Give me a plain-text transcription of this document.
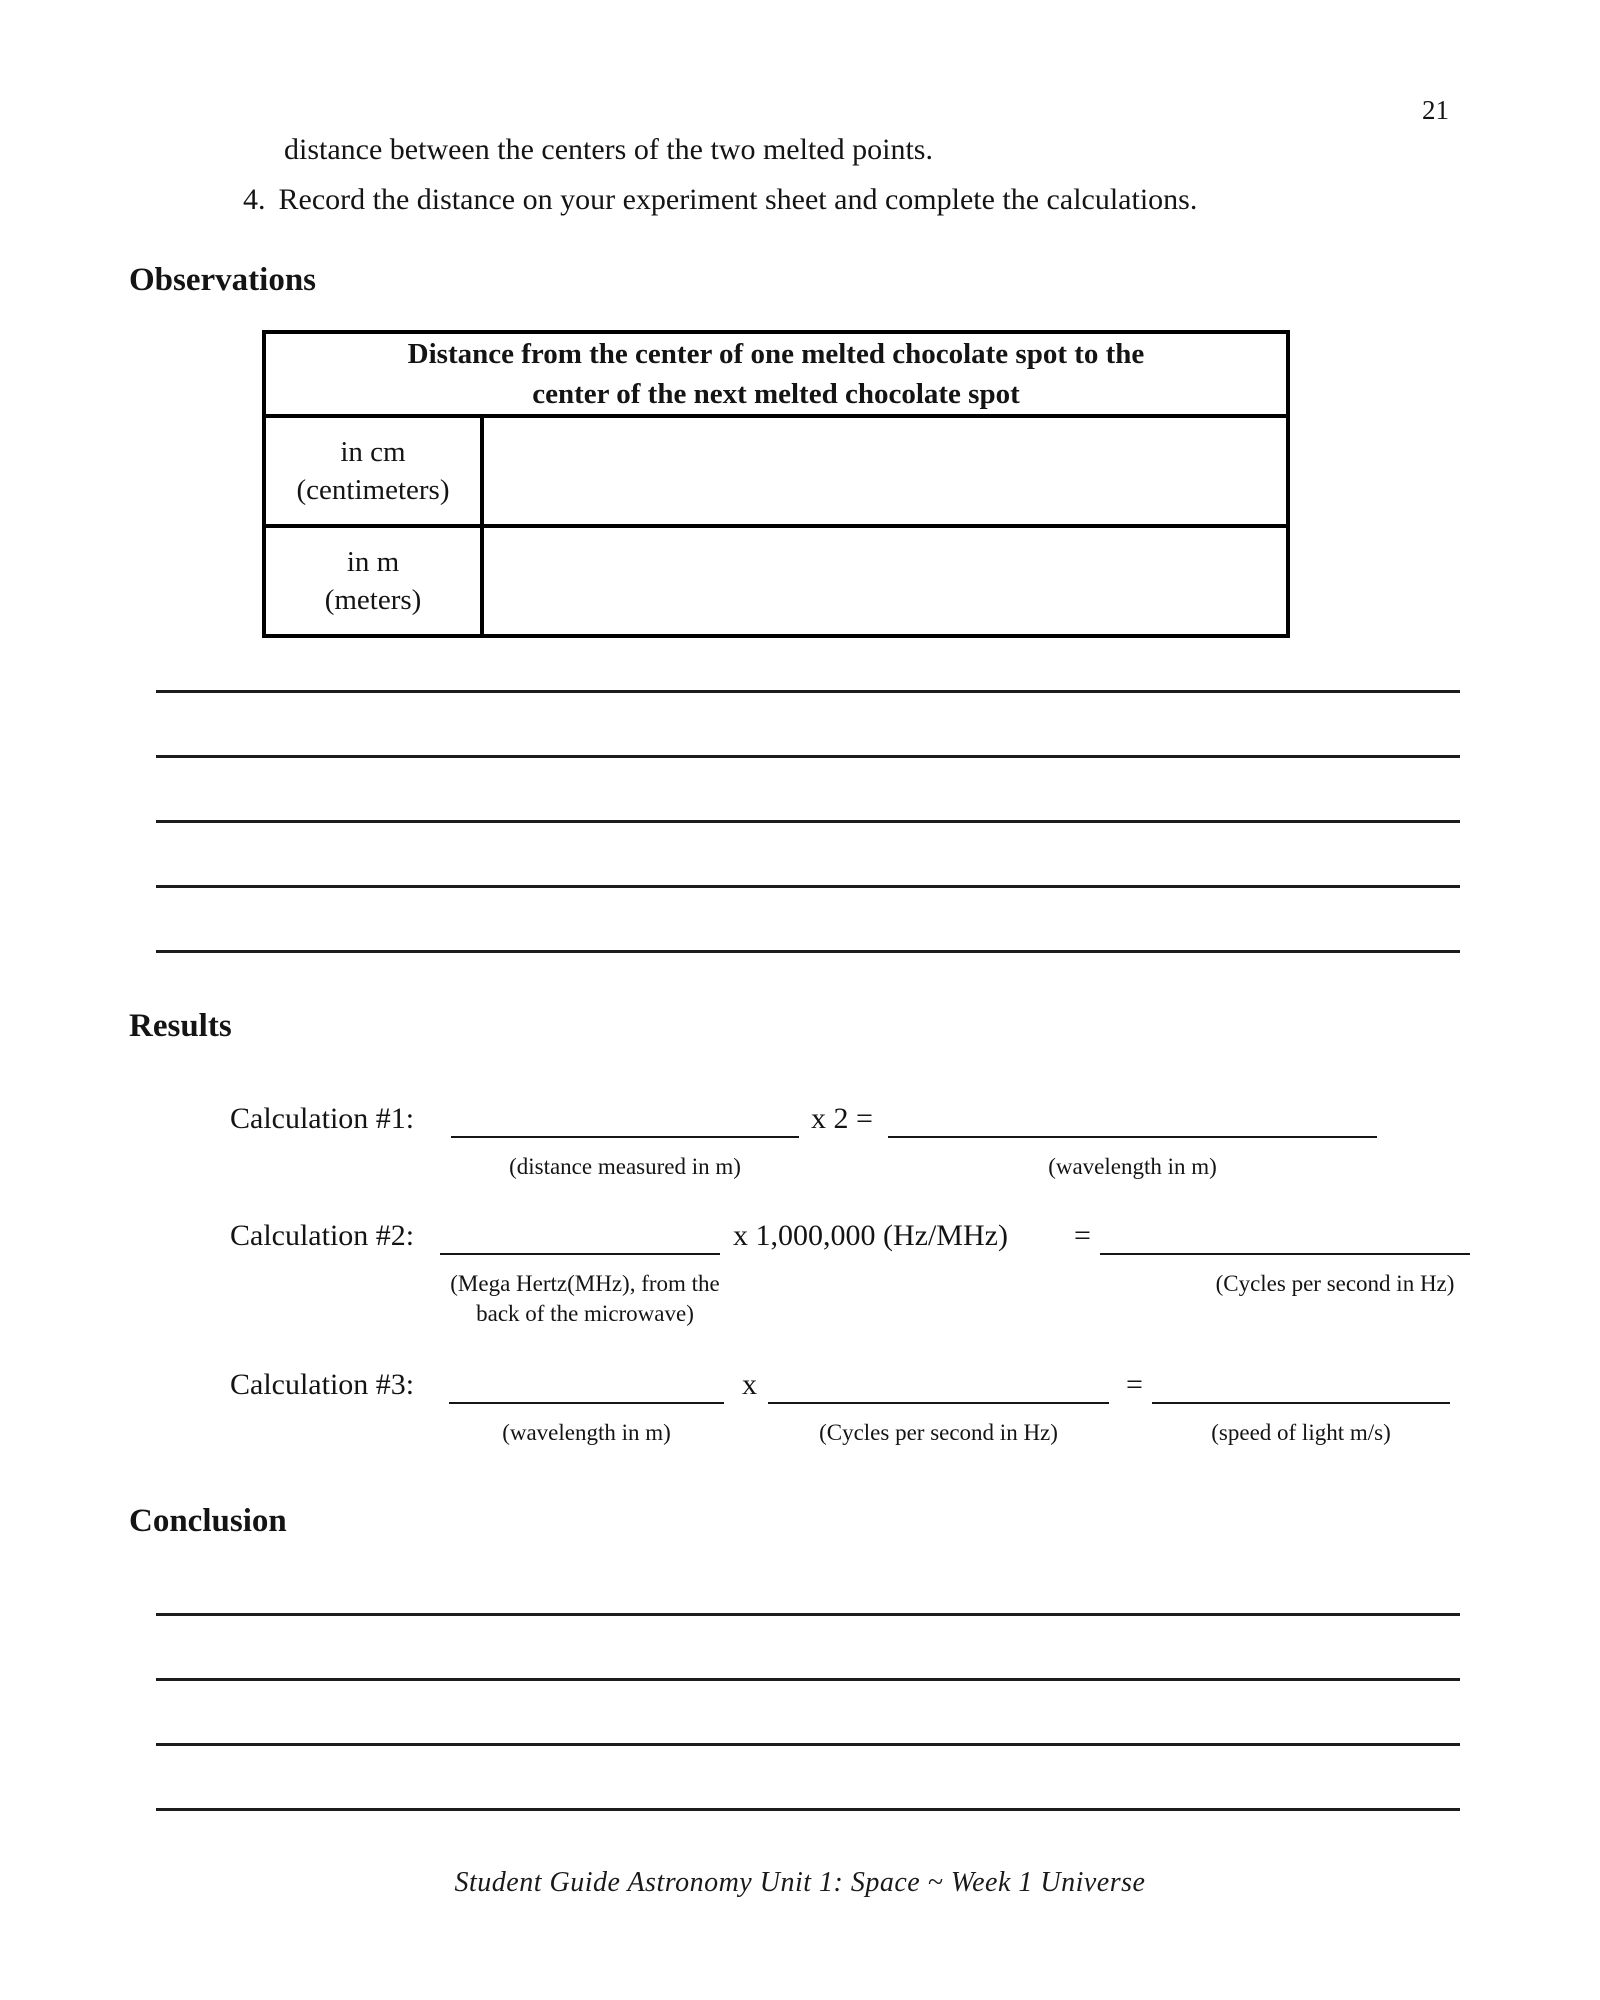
21
distance between the centers of the two melted points.
4. Record the distance on your experiment sheet and complete the calculations.
Observations
Distance from the center of one melted chocolate spot to the
center of the next melted chocolate spot
in cm
(centimeters)
in m
(meters)
Results
Calculation #1:	x 2 =
(distance measured in m)	(wavelength in m)
Calculation #2:	x 1,000,000 (Hz/MHz) =
(Mega Hertz(MHz), from the
back of the microwave)
(Cycles per second in Hz)
Calculation #3:	x	=
(wavelength in m)	(Cycles per second in Hz)	(speed of light m/s)
Conclusion
Student Guide Astronomy Unit 1: Space ~ Week 1 Universe
